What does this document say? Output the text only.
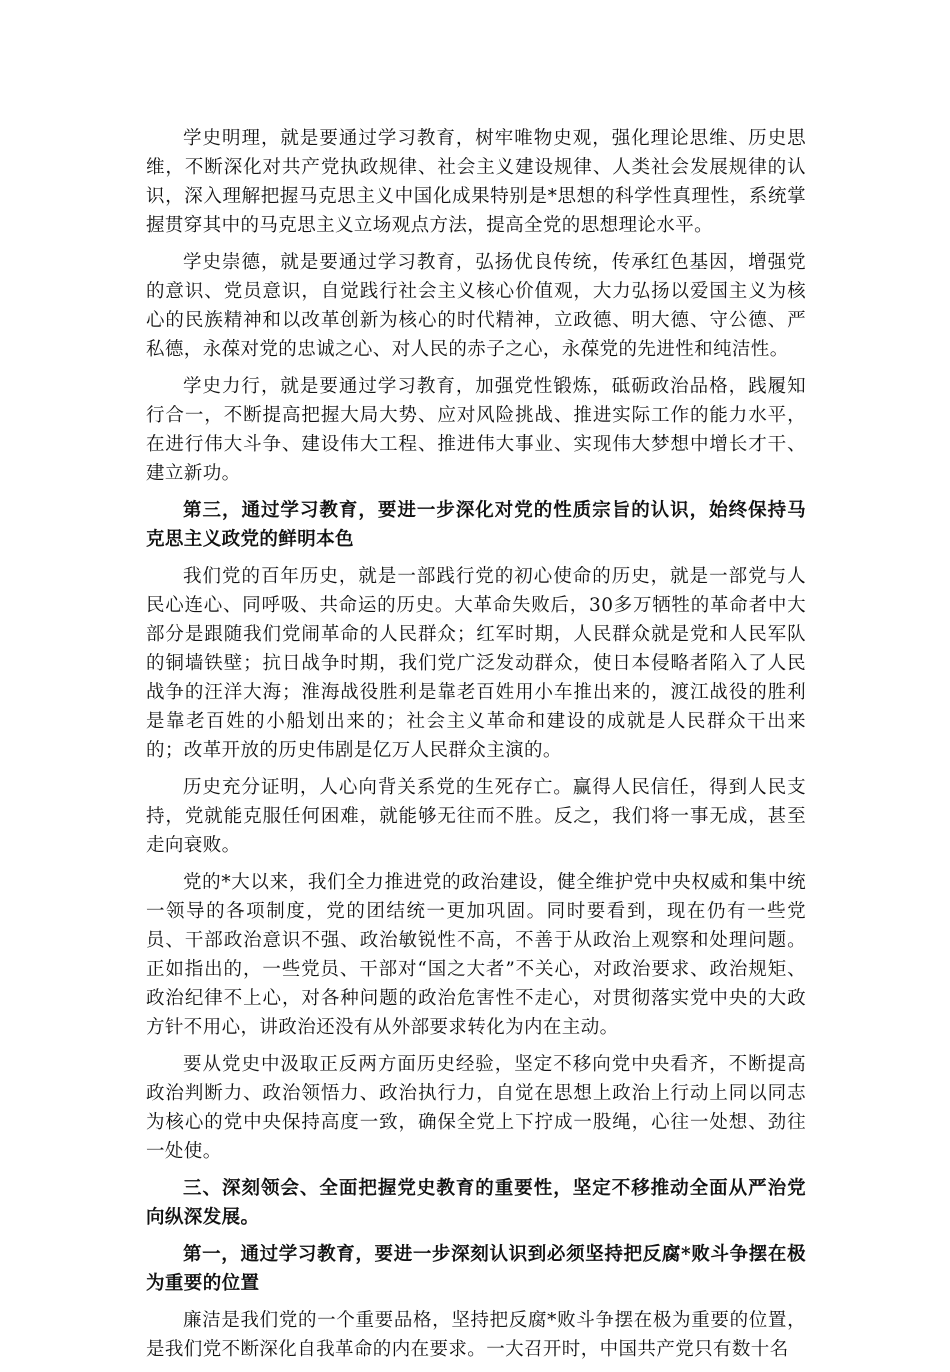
学史明理，就是要通过学习教育，树牢唯物史观，强化理论思维、历史思维，不断深化对共产党执政规律、社会主义建设规律、人类社会发展规律的认识，深入理解把握马克思主义中国化成果特别是*思想的科学性真理性，系统掌握贯穿其中的马克思主义立场观点方法，提高全党的思想理论水平。

学史崇德，就是要通过学习教育，弘扬优良传统，传承红色基因，增强党的意识、党员意识，自觉践行社会主义核心价值观，大力弘扬以爱国主义为核心的民族精神和以改革创新为核心的时代精神，立政德、明大德、守公德、严私德，永葆对党的忠诚之心、对人民的赤子之心，永葆党的先进性和纯洁性。

学史力行，就是要通过学习教育，加强党性锻炼，砥砺政治品格，践履知行合一，不断提高把握大局大势、应对风险挑战、推进实际工作的能力水平，在进行伟大斗争、建设伟大工程、推进伟大事业、实现伟大梦想中增长才干、建立新功。

第三，通过学习教育，要进一步深化对党的性质宗旨的认识，始终保持马克思主义政党的鲜明本色

我们党的百年历史，就是一部践行党的初心使命的历史，就是一部党与人民心连心、同呼吸、共命运的历史。大革命失败后，30多万牺牲的革命者中大部分是跟随我们党闹革命的人民群众；红军时期，人民群众就是党和人民军队的铜墙铁壁；抗日战争时期，我们党广泛发动群众，使日本侵略者陷入了人民战争的汪洋大海；淮海战役胜利是靠老百姓用小车推出来的，渡江战役的胜利是靠老百姓的小船划出来的；社会主义革命和建设的成就是人民群众干出来的；改革开放的历史伟剧是亿万人民群众主演的。

历史充分证明，人心向背关系党的生死存亡。赢得人民信任，得到人民支持，党就能克服任何困难，就能够无往而不胜。反之，我们将一事无成，甚至走向衰败。

党的*大以来，我们全力推进党的政治建设，健全维护党中央权威和集中统一领导的各项制度，党的团结统一更加巩固。同时要看到，现在仍有一些党员、干部政治意识不强、政治敏锐性不高，不善于从政治上观察和处理问题。正如指出的，一些党员、干部对“国之大者”不关心，对政治要求、政治规矩、政治纪律不上心，对各种问题的政治危害性不走心，对贯彻落实党中央的大政方针不用心，讲政治还没有从外部要求转化为内在主动。

要从党史中汲取正反两方面历史经验，坚定不移向党中央看齐，不断提高政治判断力、政治领悟力、政治执行力，自觉在思想上政治上行动上同以同志为核心的党中央保持高度一致，确保全党上下拧成一股绳，心往一处想、劲往一处使。

三、深刻领会、全面把握党史教育的重要性，坚定不移推动全面从严治党向纵深发展。

第一，通过学习教育，要进一步深刻认识到必须坚持把反腐*败斗争摆在极为重要的位置

廉洁是我们党的一个重要品格，坚持把反腐*败斗争摆在极为重要的位置，是我们党不断深化自我革命的内在要求。一大召开时，中国共产党只有数十名
